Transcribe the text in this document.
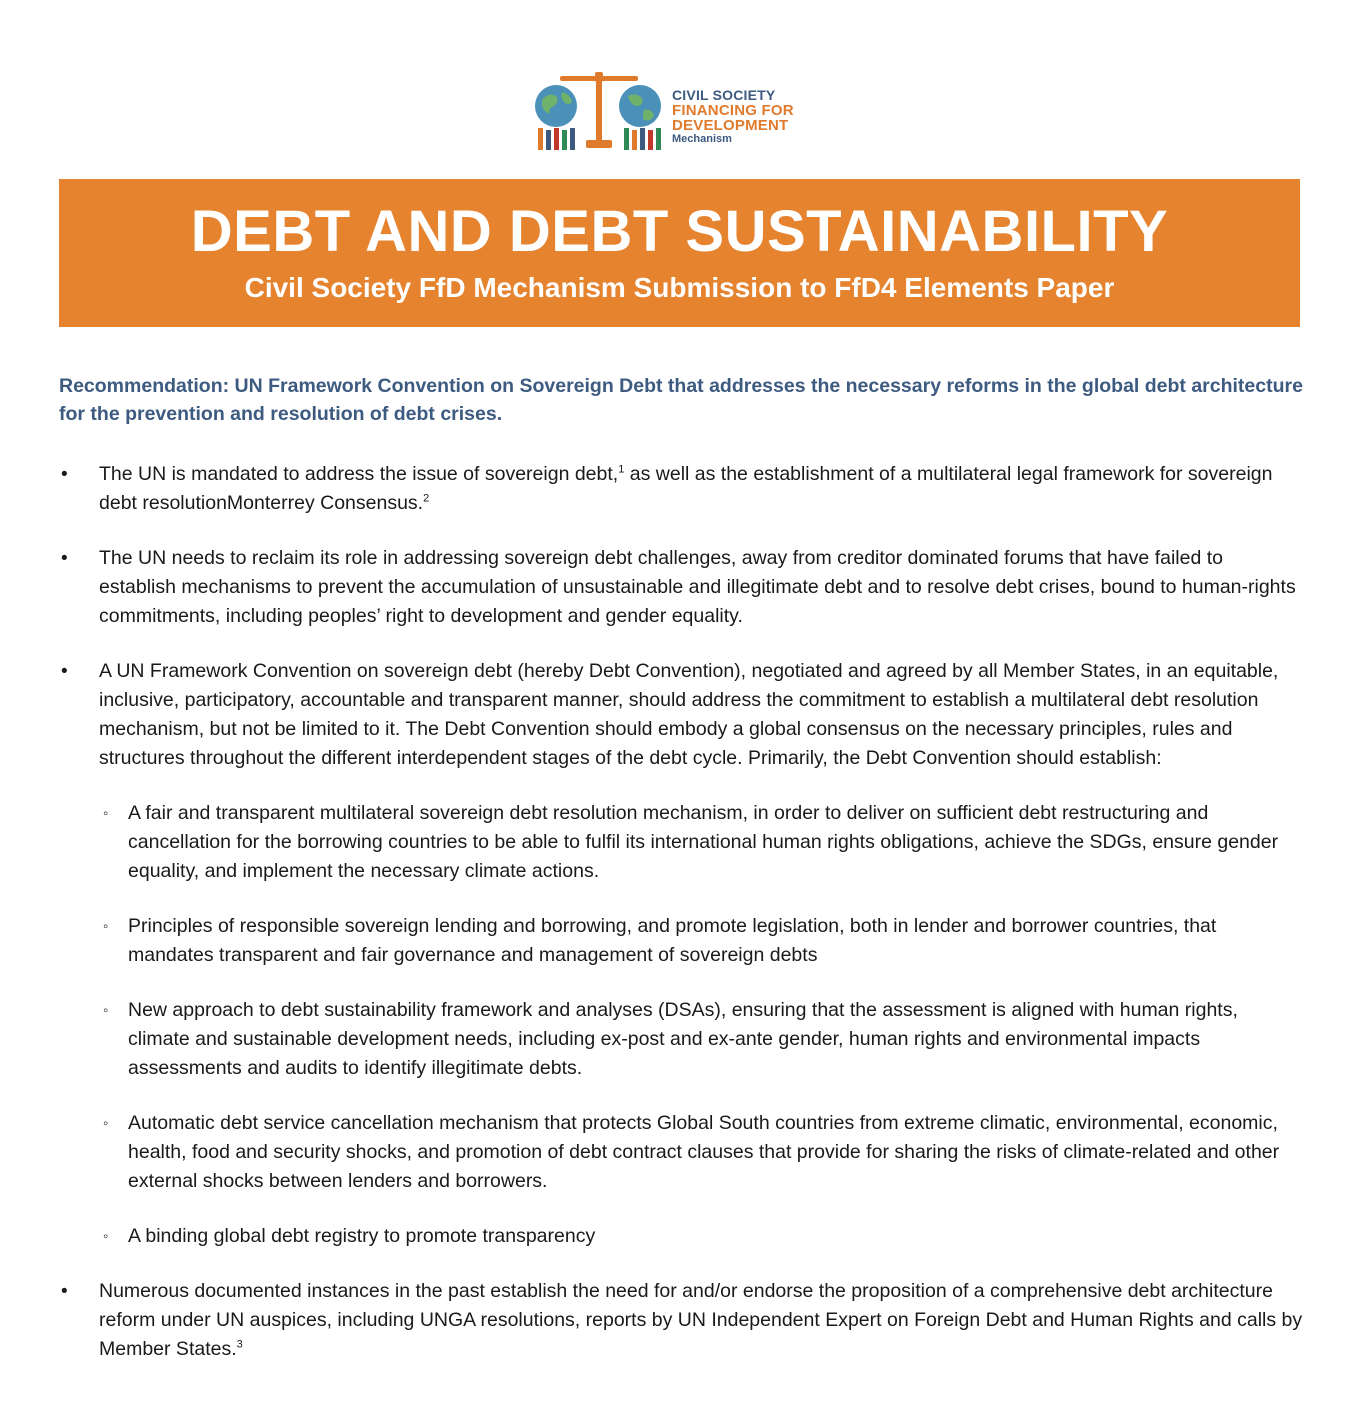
CIVIL SOCIETY
FINANCING FOR
DEVELOPMENT
Mechanism
DEBT AND DEBT SUSTAINABILITY
Civil Society FfD Mechanism Submission to FfD4 Elements Paper

Recommendation: UN Framework Convention on Sovereign Debt that addresses the necessary reforms in the global debt architecture for the prevention and resolution of debt crises.

• The UN is mandated to address the issue of sovereign debt,$^1$ as well as the establishment of a multilateral legal framework for sovereign debt resolutionMonterrey Consensus.$^2$
• The UN needs to reclaim its role in addressing sovereign debt challenges, away from creditor dominated forums that have failed to establish mechanisms to prevent the accumulation of unsustainable and illegitimate debt and to resolve debt crises, bound to human-rights commitments, including peoples’ right to development and gender equality.
• A UN Framework Convention on sovereign debt (hereby Debt Convention), negotiated and agreed by all Member States, in an equitable, inclusive, participatory, accountable and transparent manner, should address the commitment to establish a multilateral debt resolution mechanism, but not be limited to it. The Debt Convention should embody a global consensus on the necessary principles, rules and structures throughout the different interdependent stages of the debt cycle. Primarily, the Debt Convention should establish:
◦ A fair and transparent multilateral sovereign debt resolution mechanism, in order to deliver on sufficient debt restructuring and cancellation for the borrowing countries to be able to fulfil its international human rights obligations, achieve the SDGs, ensure gender equality, and implement the necessary climate actions.
◦ Principles of responsible sovereign lending and borrowing, and promote legislation, both in lender and borrower countries, that mandates transparent and fair governance and management of sovereign debts
◦ New approach to debt sustainability framework and analyses (DSAs), ensuring that the assessment is aligned with human rights, climate and sustainable development needs, including ex-post and ex-ante gender, human rights and environmental impacts assessments and audits to identify illegitimate debts.
◦ Automatic debt service cancellation mechanism that protects Global South countries from extreme climatic, environmental, economic, health, food and security shocks, and promotion of debt contract clauses that provide for sharing the risks of climate-related and other external shocks between lenders and borrowers.
◦ A binding global debt registry to promote transparency
• Numerous documented instances in the past establish the need for and/or endorse the proposition of a comprehensive debt architecture reform under UN auspices, including UNGA resolutions, reports by UN Independent Expert on Foreign Debt and Human Rights and calls by Member States.$^3$
